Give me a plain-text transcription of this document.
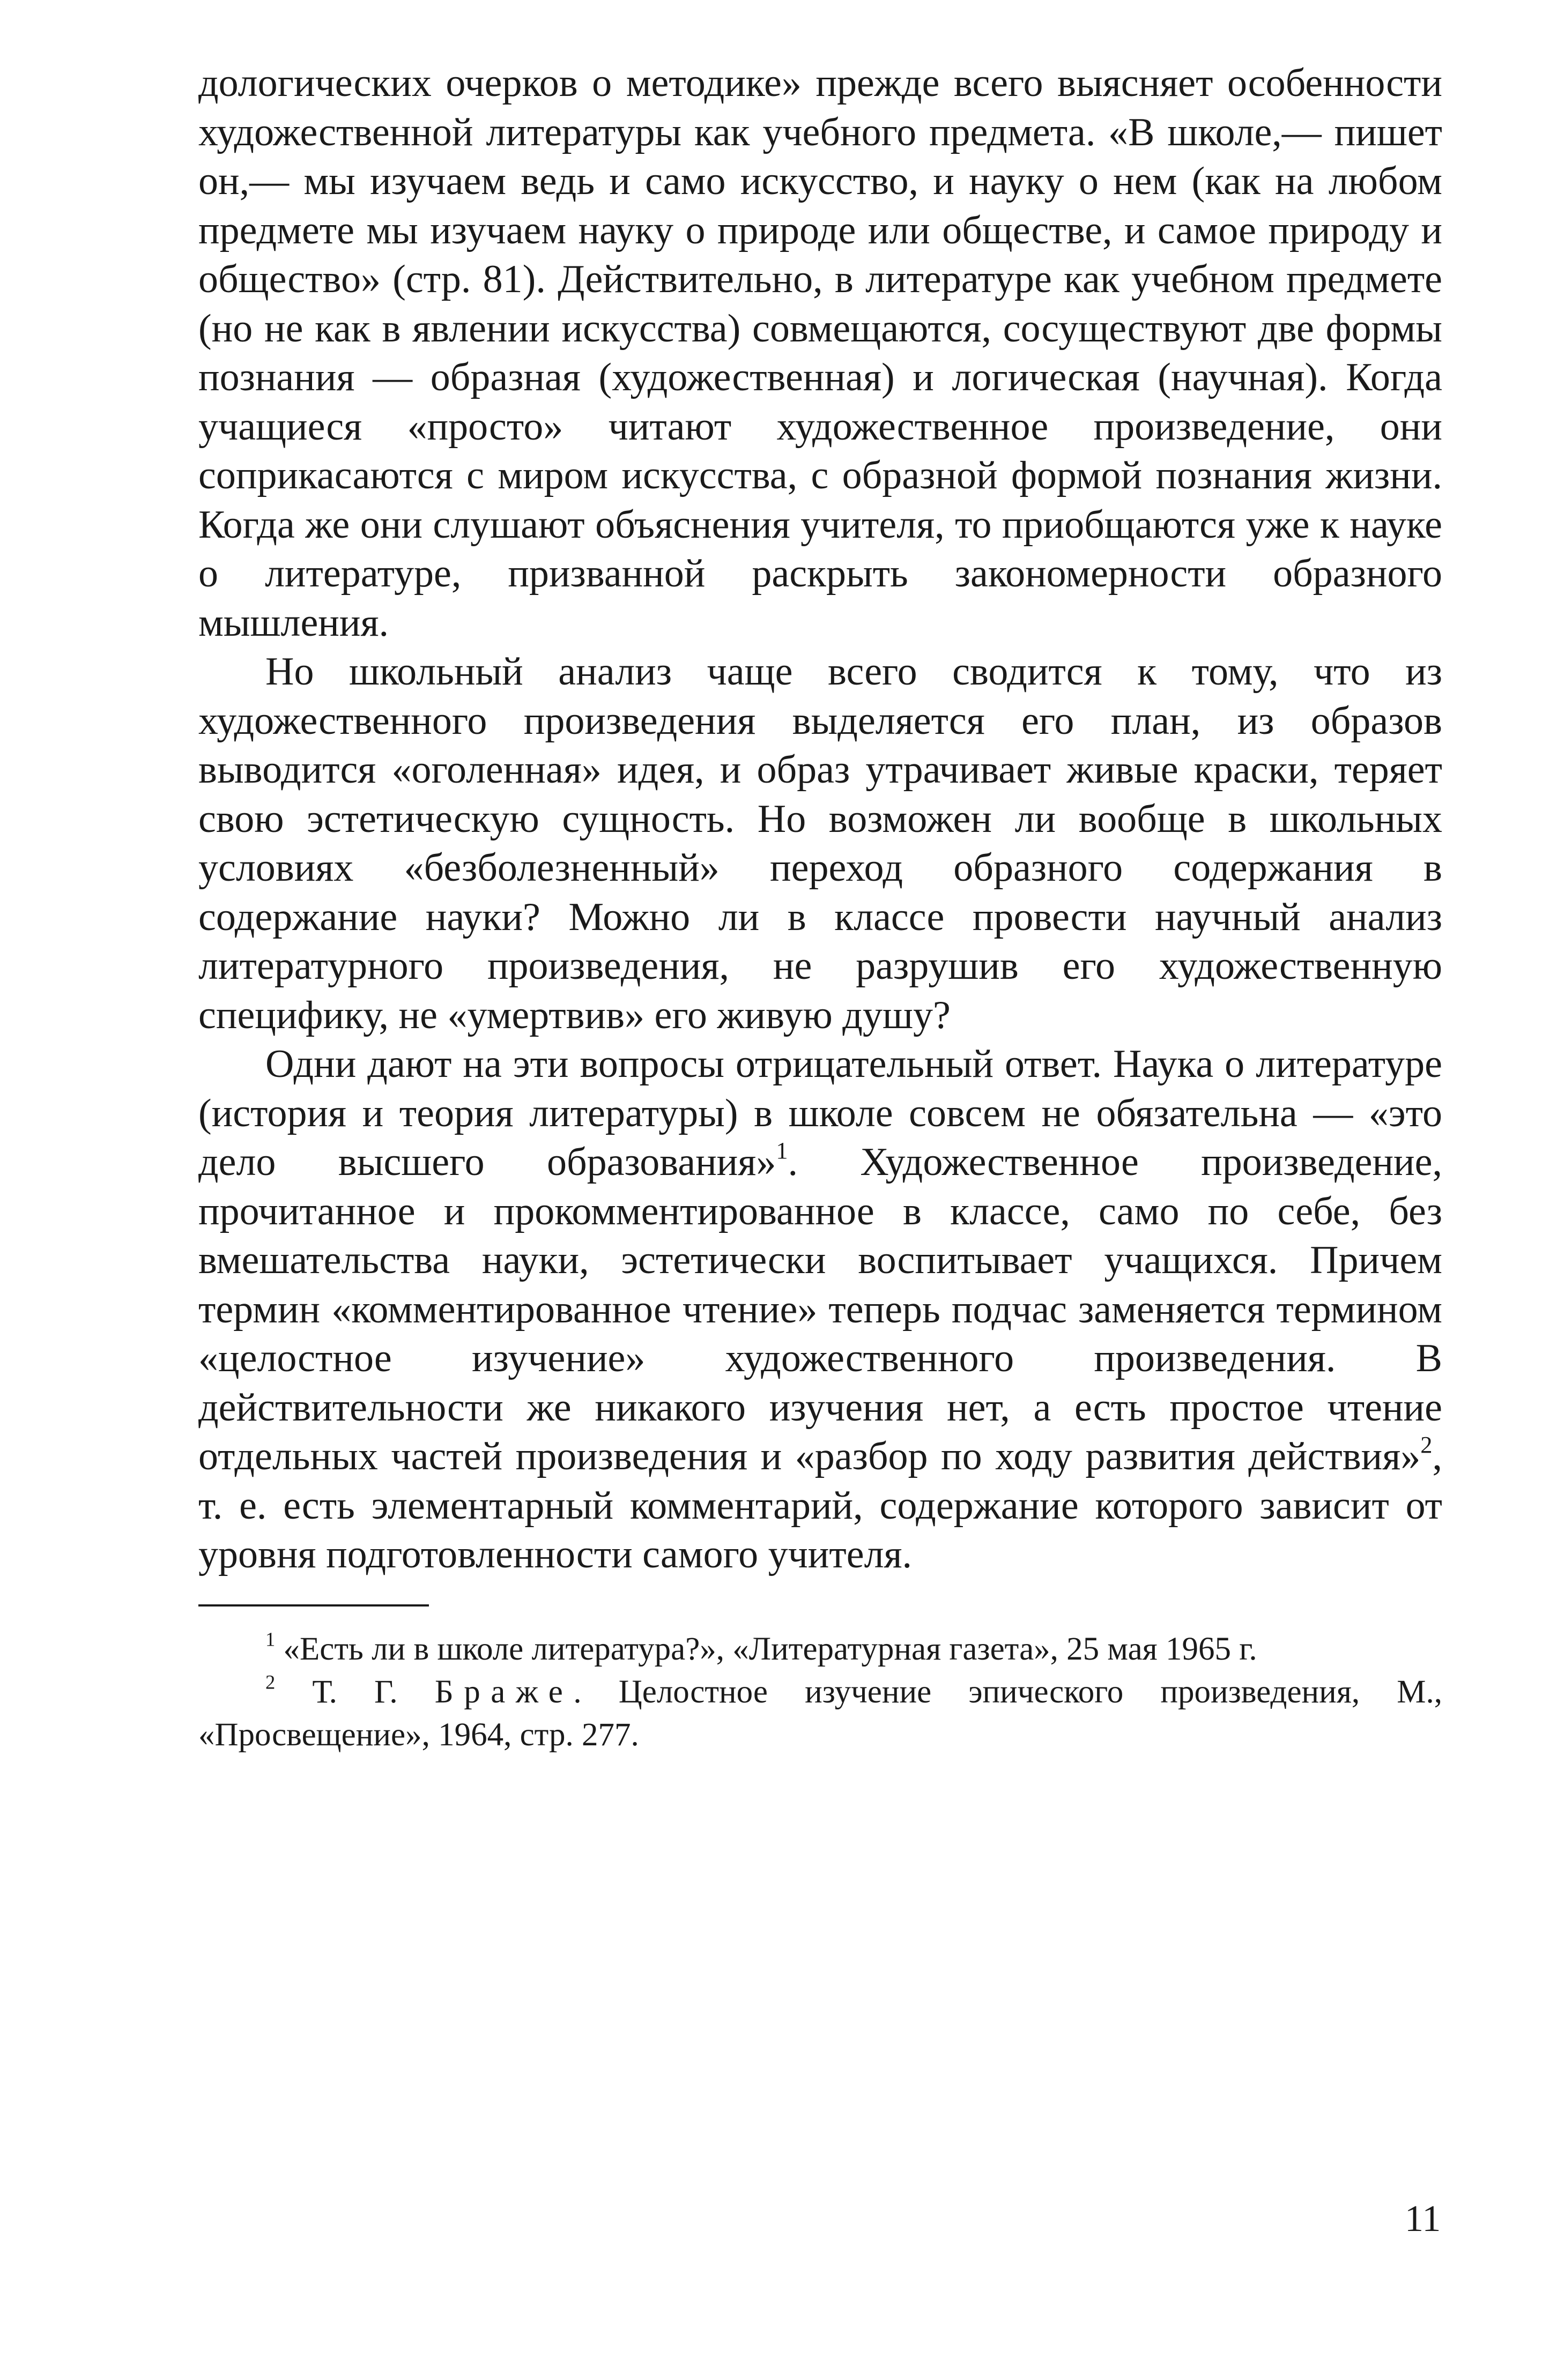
дологических очерков о методике» прежде всего выясняет особенности художественной литературы как учебного предмета. «В школе,— пишет он,— мы изучаем ведь и само искусство, и науку о нем (как на любом предмете мы изучаем науку о природе или обществе, и самое природу и общество» (стр. 81). Действительно, в литературе как учебном предмете (но не как в явлении искусства) совмещаются, сосуществуют две формы познания — образная (художественная) и логическая (научная). Когда учащиеся «просто» читают художественное произведение, они соприкасаются с миром искусства, с образной формой познания жизни. Когда же они слушают объяснения учителя, то приобщаются уже к науке о литературе, призванной раскрыть закономерности образного мышления.

Но школьный анализ чаще всего сводится к тому, что из художественного произведения выделяется его план, из образов выводится «оголенная» идея, и образ утрачивает живые краски, теряет свою эстетическую сущность. Но возможен ли вообще в школьных условиях «безболезненный» переход образного содержания в содержание науки? Можно ли в классе провести научный анализ литературного произведения, не разрушив его художественную специфику, не «умертвив» его живую душу?

Одни дают на эти вопросы отрицательный ответ. Наука о литературе (история и теория литературы) в школе совсем не обязательна — «это дело высшего образования»$^1$. Художественное произведение, прочитанное и прокомментированное в классе, само по себе, без вмешательства науки, эстетически воспитывает учащихся. Причем термин «комментированное чтение» теперь подчас заменяется термином «целостное изучение» художественного произведения. В действительности же никакого изучения нет, а есть простое чтение отдельных частей произведения и «разбор по ходу развития действия»$^2$, т. е. есть элементарный комментарий, содержание которого зависит от уровня подготовленности самого учителя.

$^1$ «Есть ли в школе литература?», «Литературная газета», 25 мая 1965 г.

$^2$ Т. Г. Браже. Целостное изучение эпического произведения, М., «Просвещение», 1964, стр. 277.

11
